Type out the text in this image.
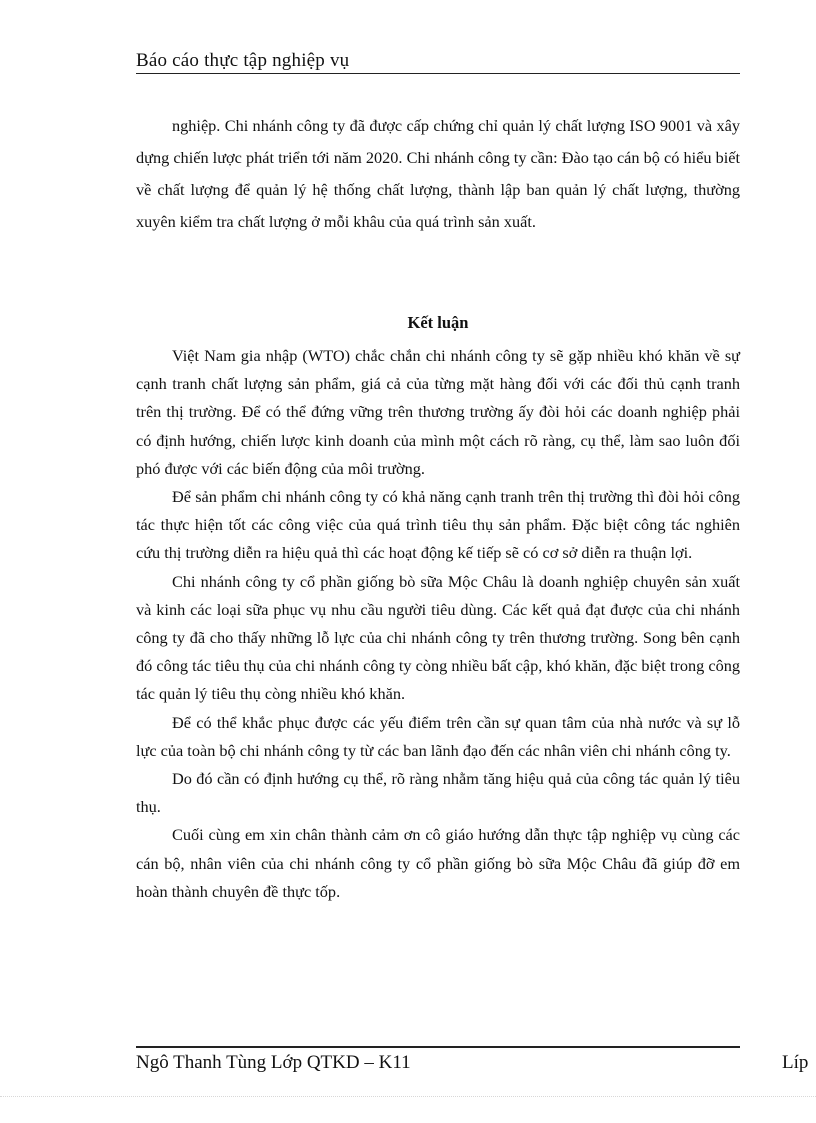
Báo cáo thực tập nghiệp vụ

nghiệp. Chi nhánh công ty đã được cấp chứng chỉ quản lý chất lượng ISO 9001 và xây dựng chiến lược phát triển tới năm 2020. Chi nhánh công ty cần: Đào tạo cán bộ có hiểu biết về chất lượng để quản lý hệ thống chất lượng, thành lập ban quản lý chất lượng, thường xuyên kiểm tra chất lượng ở mỗi khâu của quá trình sản xuất.

Kết luận

Việt Nam gia nhập (WTO) chắc chắn chi nhánh công ty sẽ gặp nhiều khó khăn về sự cạnh tranh chất lượng sản phẩm, giá cả của từng mặt hàng đối với các đối thủ cạnh tranh trên thị trường. Để có thể đứng vững trên thương trường ấy đòi hỏi các doanh nghiệp phải có định hướng, chiến lược kinh doanh của mình một cách rõ ràng, cụ thể, làm sao luôn đối phó được với các biến động của môi trường.

Để sản phẩm chi nhánh công ty có khả năng cạnh tranh trên thị trường thì đòi hỏi công tác thực hiện tốt các công việc của quá trình tiêu thụ sản phẩm. Đặc biệt công tác nghiên cứu thị trường diễn ra hiệu quả thì các hoạt động kế tiếp sẽ có cơ sở diễn ra thuận lợi.

Chi nhánh công ty cổ phần giống bò sữa Mộc Châu là doanh nghiệp chuyên sản xuất và kinh các loại sữa phục vụ nhu cầu người tiêu dùng. Các kết quả đạt được của chi nhánh công ty đã cho thấy những lỗ lực của chi nhánh công ty trên thương trường. Song bên cạnh đó công tác tiêu thụ của chi nhánh công ty còng nhiều bất cập, khó khăn, đặc biệt trong công tác quản lý tiêu thụ còng nhiều khó khăn.

Để có thể khắc phục được các yếu điểm trên cần sự quan tâm của nhà nước và sự lỗ lực của toàn bộ chi nhánh công ty từ các ban lãnh đạo đến các nhân viên chi nhánh công ty.

Do đó cần có định hướng cụ thể, rõ ràng nhằm tăng hiệu quả của công tác quản lý tiêu thụ.

Cuối cùng em xin chân thành cảm ơn cô giáo hướng dẫn thực tập nghiệp vụ cùng các cán bộ, nhân viên của chi nhánh công ty cổ phần giống bò sữa Mộc Châu đã giúp đỡ em hoàn thành chuyên đề thực tốp.

Ngô Thanh Tùng Lớp QTKD – K11	Líp
